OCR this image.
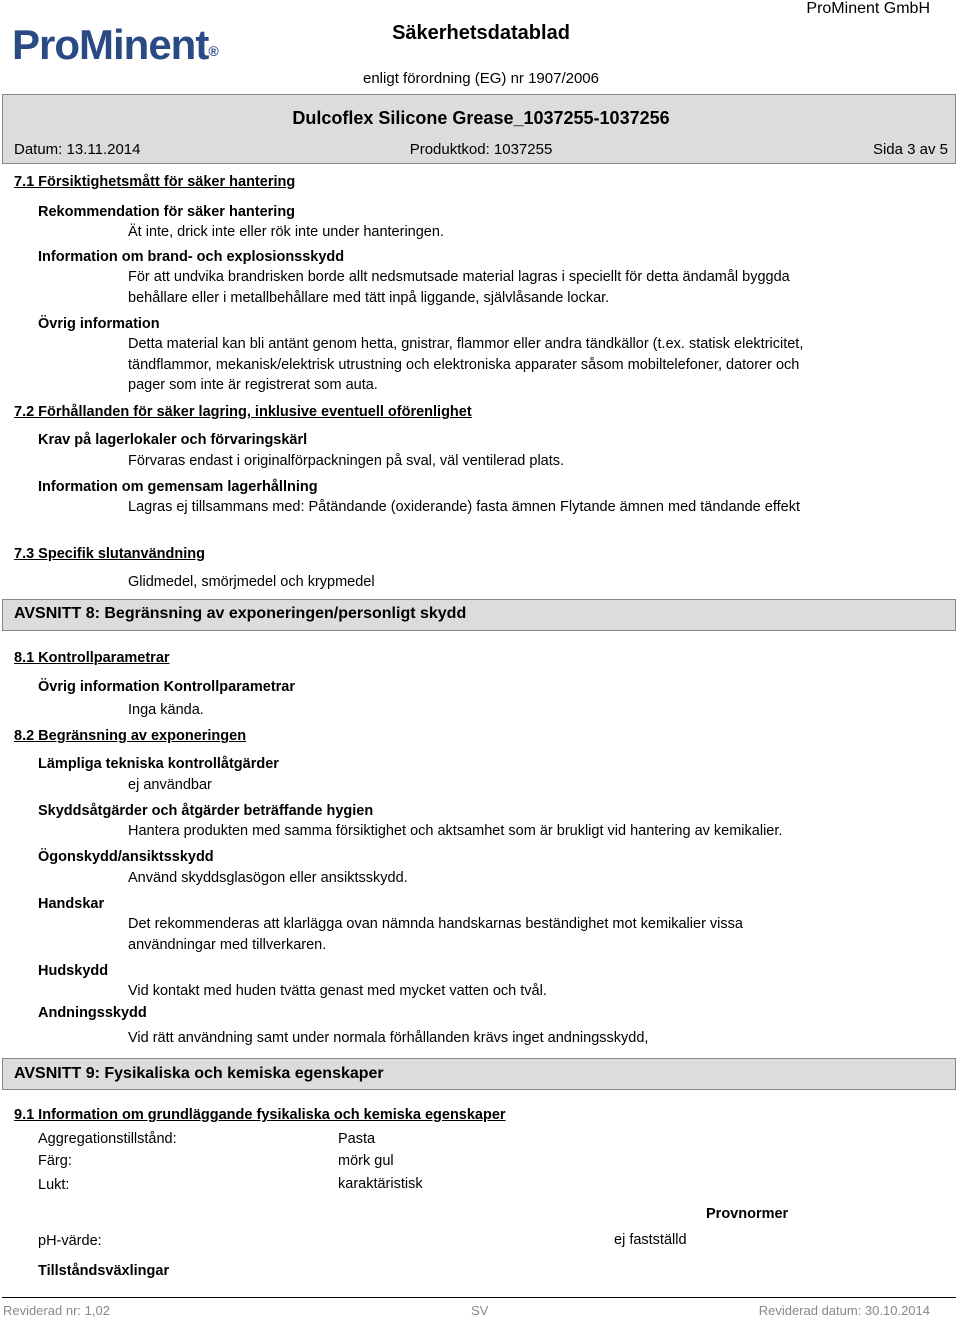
ProMinent®
ProMinent GmbH
Säkerhetsdatablad
enligt förordning (EG) nr 1907/2006
Dulcoflex Silicone Grease_1037255-1037256
Datum: 13.11.2014	Produktkod: 1037255	Sida 3 av 5
7.1 Försiktighetsmått för säker hantering
Rekommendation för säker hantering
Ät inte, drick inte eller rök inte under hanteringen.
Information om brand- och explosionsskydd
För att undvika brandrisken borde allt nedsmutsade material lagras i speciellt för detta ändamål byggda behållare eller i metallbehållare med tätt inpå liggande, självlåsande lockar.
Övrig information
Detta material kan bli antänt genom hetta, gnistrar, flammor eller andra tändkällor (t.ex. statisk elektricitet, tändflammor, mekanisk/elektrisk utrustning och elektroniska apparater såsom mobiltelefoner, datorer och pager som inte är registrerat som auta.
7.2 Förhållanden för säker lagring, inklusive eventuell oförenlighet
Krav på lagerlokaler och förvaringskärl
Förvaras endast i originalförpackningen på sval, väl ventilerad plats.
Information om gemensam lagerhållning
Lagras ej tillsammans med: Påtändande (oxiderande) fasta ämnen Flytande ämnen med tändande effekt
7.3 Specifik slutanvändning
Glidmedel, smörjmedel och krypmedel
AVSNITT 8: Begränsning av exponeringen/personligt skydd
8.1 Kontrollparametrar
Övrig information Kontrollparametrar
Inga kända.
8.2 Begränsning av exponeringen
Lämpliga tekniska kontrollåtgärder
ej användbar
Skyddsåtgärder och åtgärder beträffande hygien
Hantera produkten med samma försiktighet och aktsamhet som är brukligt vid hantering av kemikalier.
Ögonskydd/ansiktsskydd
Använd skyddsglasögon eller ansiktsskydd.
Handskar
Det rekommenderas att klarlägga ovan nämnda handskarnas beständighet mot kemikalier vissa användningar med tillverkaren.
Hudskydd
Vid kontakt med huden tvätta genast med mycket vatten och tvål.
Andningsskydd
Vid rätt användning samt under normala förhållanden krävs inget andningsskydd,
AVSNITT 9: Fysikaliska och kemiska egenskaper
9.1 Information om grundläggande fysikaliska och kemiska egenskaper
Aggregationstillstånd:	Pasta
Färg:	mörk gul
Lukt:	karaktäristisk
Provnormer
pH-värde:	ej fastställd
Tillståndsväxlingar
Reviderad nr: 1,02	SV	Reviderad datum: 30.10.2014
